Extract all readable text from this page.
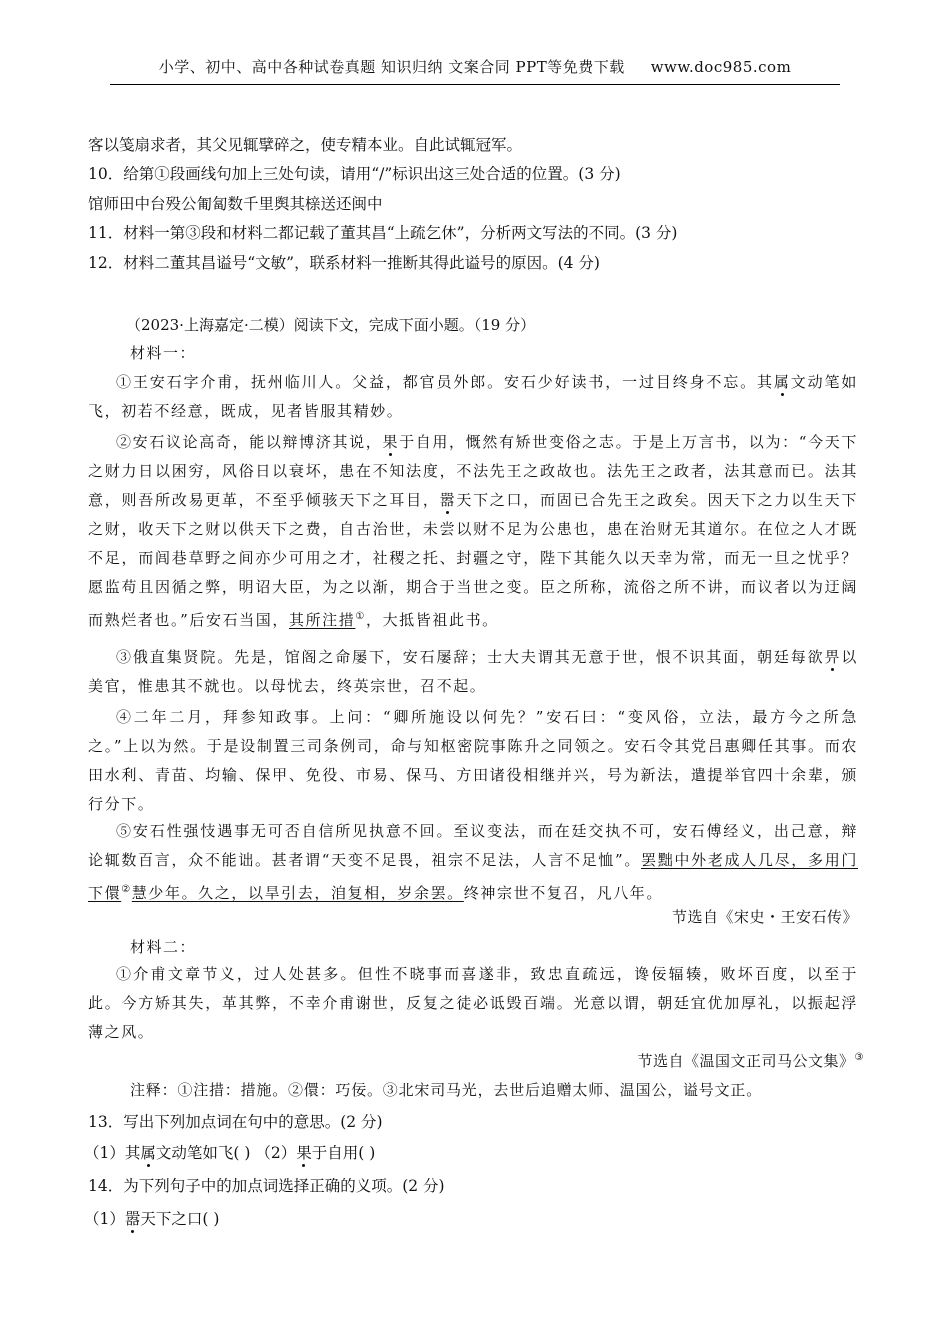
小学、初中、高中各种试卷真题 知识归纳 文案合同 PPT等免费下载 www.doc985.com
客以笺扇求者，其父见辄擘碎之，使专精本业。自此试辄冠军。
10．给第①段画线句加上三处句读，请用“/”标识出这三处合适的位置。(3 分)
馆师田中台殁公匍匐数千里舆其榇送还闽中
11．材料一第③段和材料二都记载了董其昌“上疏乞休”，分析两文写法的不同。(3 分)
12．材料二董其昌谥号“文敏”，联系材料一推断其得此谥号的原因。(4 分)
（2023·上海嘉定·二模）阅读下文，完成下面小题。（19 分）
材料一：
①王安石字介甫，抚州临川人。父益，都官员外郎。安石少好读书，一过目终身不忘。其属文动笔如飞，初若不经意，既成，见者皆服其精妙。
②安石议论高奇，能以辩博济其说，果于自用，慨然有矫世变俗之志。于是上万言书，以为：“今天下之财力日以困穷，风俗日以衰坏，患在不知法度，不法先王之政故也。法先王之政者，法其意而已。法其意，则吾所改易更革，不至乎倾骇天下之耳目，嚣天下之口，而固已合先王之政矣。因天下之力以生天下之财，收天下之财以供天下之费，自古治世，未尝以财不足为公患也，患在治财无其道尔。在位之人才既不足，而闾巷草野之间亦少可用之才，社稷之托、封疆之守，陛下其能久以天幸为常，而无一旦之忧乎？愿监苟且因循之弊，明诏大臣，为之以渐，期合于当世之变。臣之所称，流俗之所不讲，而议者以为迂阔而熟烂者也。”后安石当国，其所注措①，大抵皆祖此书。
③俄直集贤院。先是，馆阁之命屡下，安石屡辞；士大夫谓其无意于世，恨不识其面，朝廷每欲畀以美官，惟患其不就也。以母忧去，终英宗世，召不起。
④二年二月，拜参知政事。上问：“卿所施设以何先？”安石曰：“变风俗，立法，最方今之所急之。”上以为然。于是设制置三司条例司，命与知枢密院事陈升之同领之。安石令其党吕惠卿任其事。而农田水利、青苗、均输、保甲、免役、市易、保马、方田诸役相继并兴，号为新法，遣提举官四十余辈，颁行分下。
⑤安石性强忮遇事无可否自信所见执意不回。至议变法，而在廷交执不可，安石傅经义，出己意，辩论辄数百言，众不能诎。甚者谓“天变不足畏，祖宗不足法，人言不足恤”。罢黜中外老成人几尽，多用门下儇②慧少年。久之，以旱引去，洎复相，岁余罢。终神宗世不复召，凡八年。
节选自《宋史・王安石传》
材料二：
①介甫文章节义，过人处甚多。但性不晓事而喜遂非，致忠直疏远，谗佞辐辏，败坏百度，以至于此。今方矫其失，革其弊，不幸介甫谢世，反复之徒必诋毁百端。光意以谓，朝廷宜优加厚礼，以振起浮薄之风。
节选自《温国文正司马公文集》③
注释：①注措：措施。②儇：巧佞。③北宋司马光，去世后追赠太师、温国公，谥号文正。
13．写出下列加点词在句中的意思。(2 分)
（1）其属文动笔如飞( ) （2）果于自用( )
14．为下列句子中的加点词选择正确的义项。(2 分)
（1）嚣天下之口( )
